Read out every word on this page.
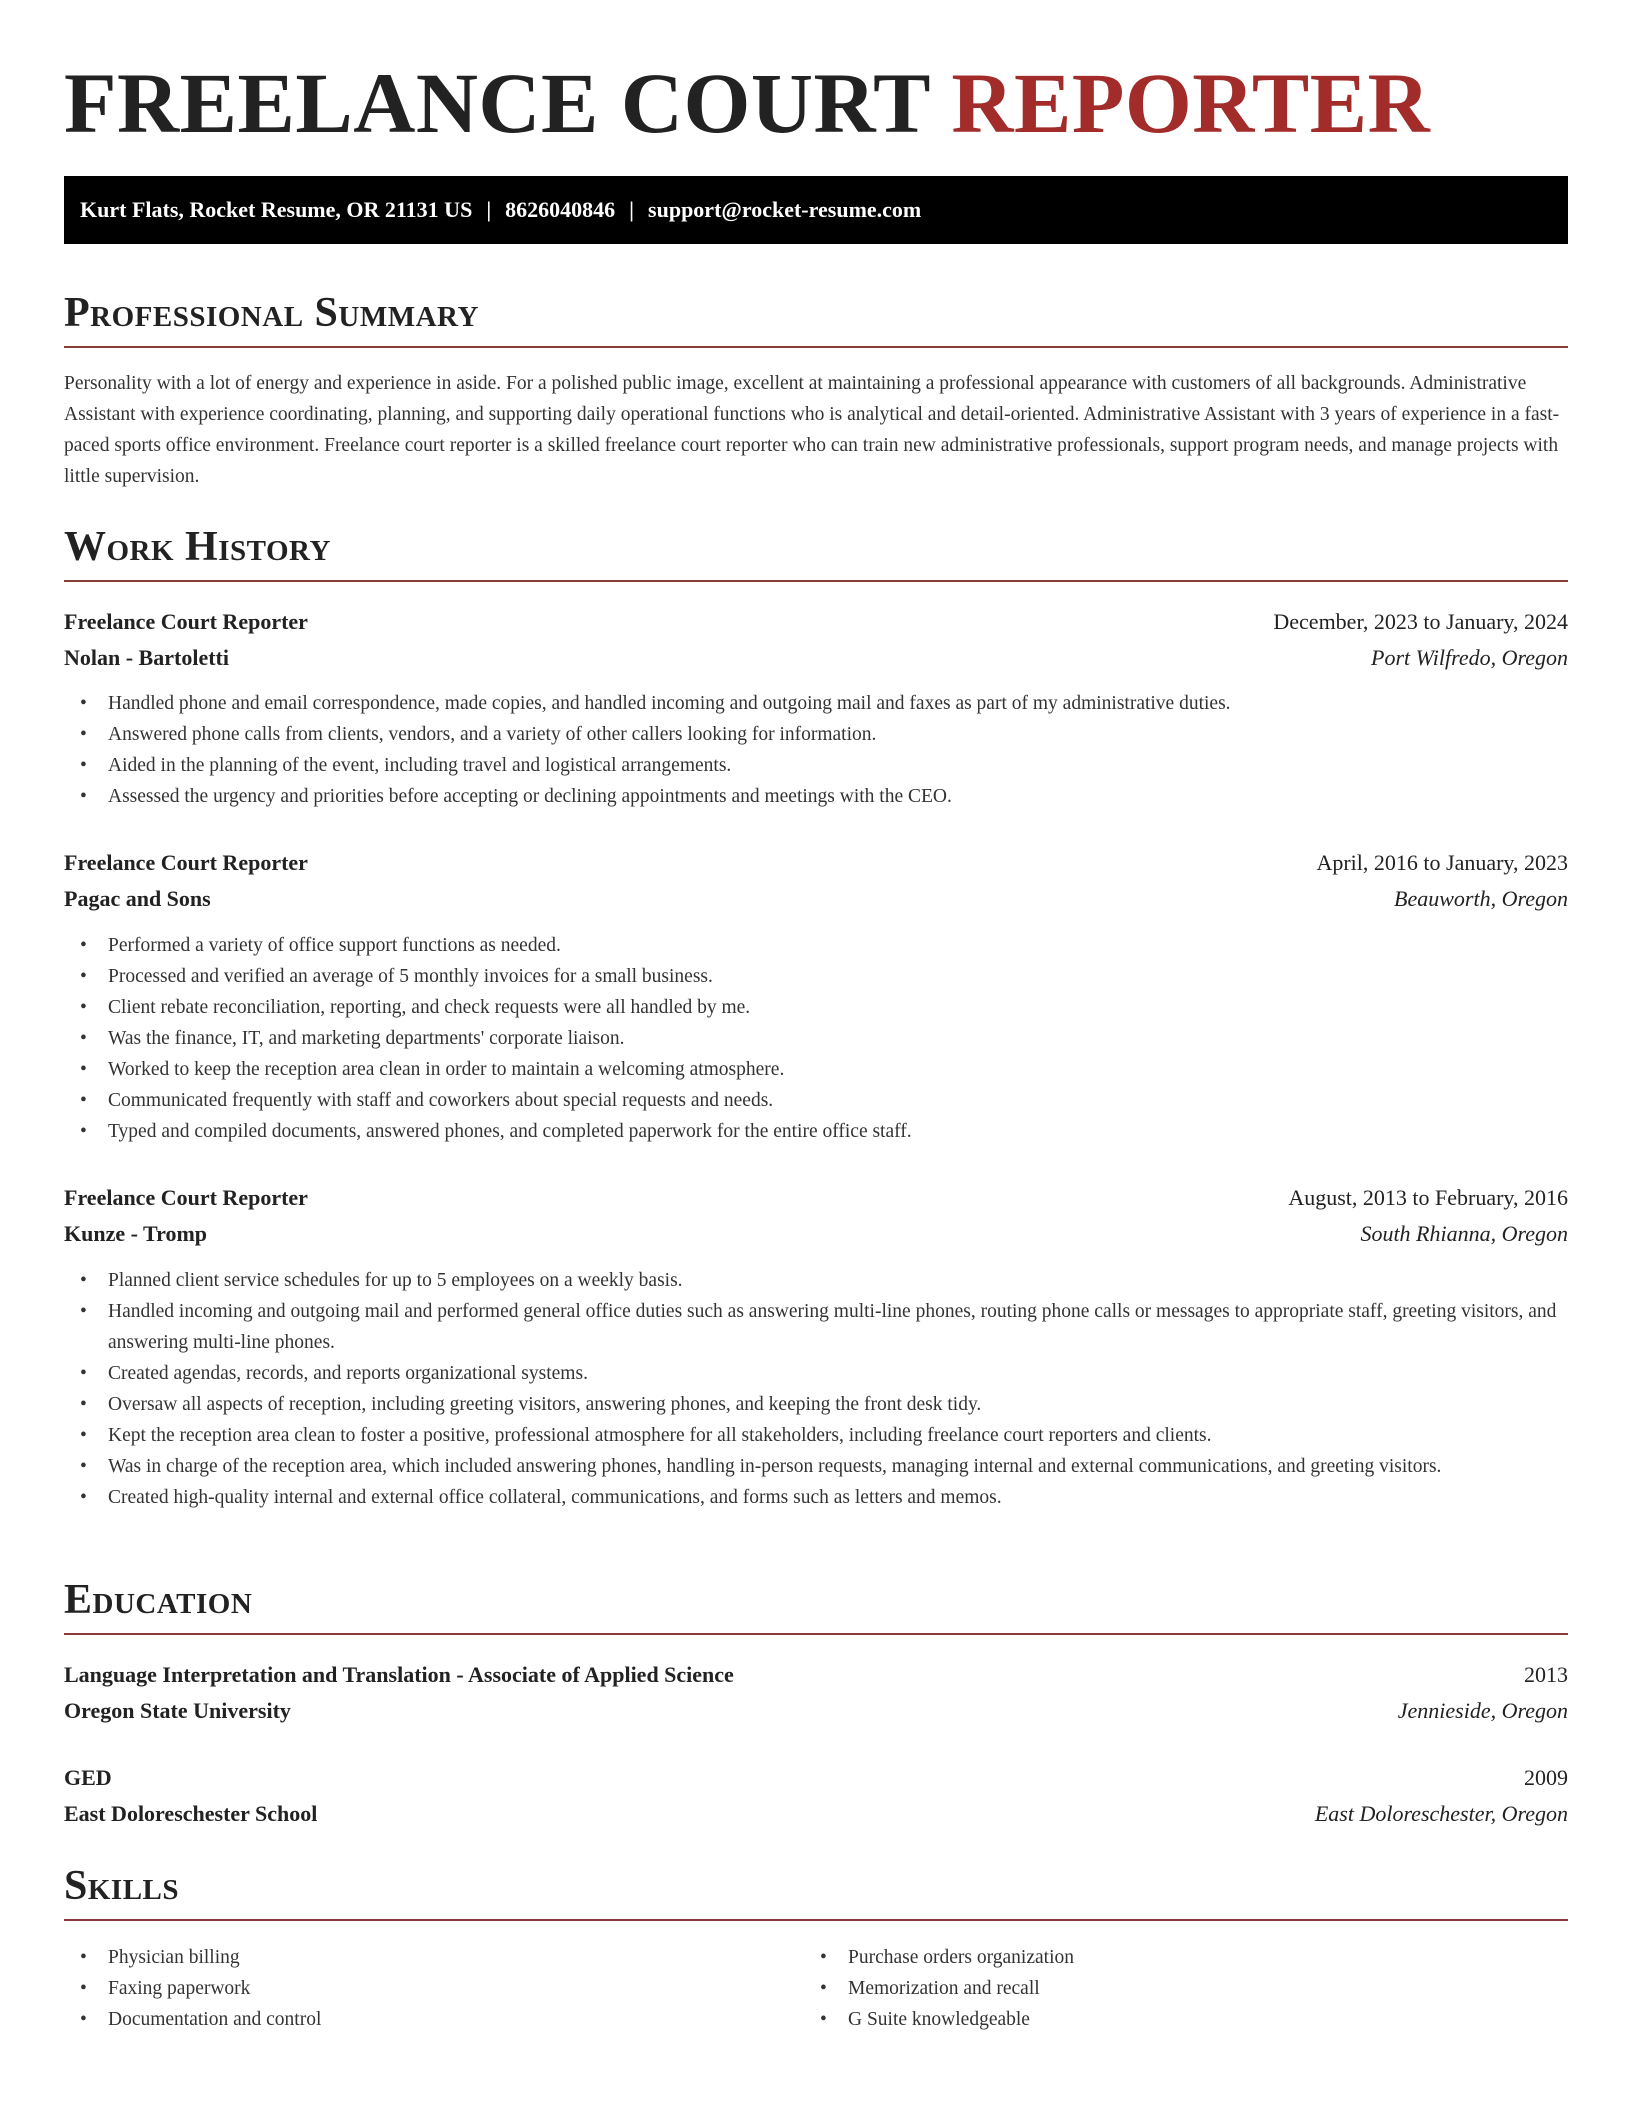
FREELANCE COURT REPORTER
Kurt Flats, Rocket Resume, OR 21131 US | 8626040846 | support@rocket-resume.com
Professional Summary

Personality with a lot of energy and experience in aside. For a polished public image, excellent at maintaining a professional appearance with customers of all backgrounds. Administrative Assistant with experience coordinating, planning, and supporting daily operational functions who is analytical and detail-oriented. Administrative Assistant with 3 years of experience in a fast-paced sports office environment. Freelance court reporter is a skilled freelance court reporter who can train new administrative professionals, support program needs, and manage projects with little supervision.

Work History
Freelance Court Reporter	December, 2023 to January, 2024
Nolan - Bartoletti	Port Wilfredo, Oregon
• Handled phone and email correspondence, made copies, and handled incoming and outgoing mail and faxes as part of my administrative duties.
• Answered phone calls from clients, vendors, and a variety of other callers looking for information.
• Aided in the planning of the event, including travel and logistical arrangements.
• Assessed the urgency and priorities before accepting or declining appointments and meetings with the CEO.
Freelance Court Reporter	April, 2016 to January, 2023
Pagac and Sons	Beauworth, Oregon
• Performed a variety of office support functions as needed.
• Processed and verified an average of 5 monthly invoices for a small business.
• Client rebate reconciliation, reporting, and check requests were all handled by me.
• Was the finance, IT, and marketing departments' corporate liaison.
• Worked to keep the reception area clean in order to maintain a welcoming atmosphere.
• Communicated frequently with staff and coworkers about special requests and needs.
• Typed and compiled documents, answered phones, and completed paperwork for the entire office staff.
Freelance Court Reporter	August, 2013 to February, 2016
Kunze - Tromp	South Rhianna, Oregon
• Planned client service schedules for up to 5 employees on a weekly basis.
• Handled incoming and outgoing mail and performed general office duties such as answering multi-line phones, routing phone calls or messages to appropriate staff, greeting visitors, and answering multi-line phones.
• Created agendas, records, and reports organizational systems.
• Oversaw all aspects of reception, including greeting visitors, answering phones, and keeping the front desk tidy.
• Kept the reception area clean to foster a positive, professional atmosphere for all stakeholders, including freelance court reporters and clients.
• Was in charge of the reception area, which included answering phones, handling in-person requests, managing internal and external communications, and greeting visitors.
• Created high-quality internal and external office collateral, communications, and forms such as letters and memos.
Education
Language Interpretation and Translation - Associate of Applied Science	2013
Oregon State University	Jennieside, Oregon
GED	2009
East Doloreschester School	East Doloreschester, Oregon
Skills
• Physician billing
• Faxing paperwork
• Documentation and control
• Purchase orders organization
• Memorization and recall
• G Suite knowledgeable
